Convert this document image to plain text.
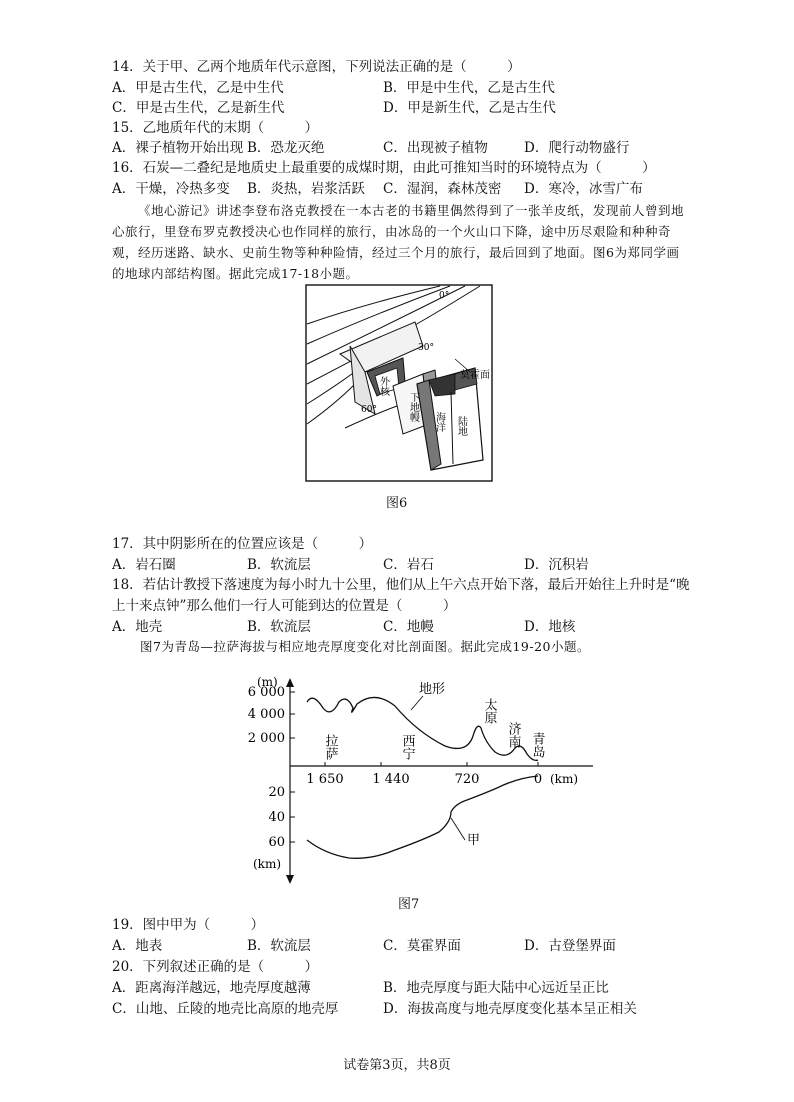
14．关于甲、乙两个地质年代示意图，下列说法正确的是（　　　）
A．甲是古生代，乙是中生代	B．甲是中生代，乙是古生代
C．甲是古生代，乙是新生代	D．甲是新生代，乙是古生代
15．乙地质年代的末期（　　　）
A．裸子植物开始出现 B．恐龙灭绝	C．出现被子植物	D．爬行动物盛行
16．石炭—二叠纪是地质史上最重要的成煤时期，由此可推知当时的环境特点为（　　　）
A．干燥，冷热多变 B．炎热，岩浆活跃 C．湿润，森林茂密 D．寒冷，冰雪广布
《地心游记》讲述李登布洛克教授在一本古老的书籍里偶然得到了一张羊皮纸，发现前人曾到地心旅行，里登布罗克教授决心也作同样的旅行，由冰岛的一个火山口下降，途中历尽艰险和种种奇观，经历迷路、缺水、史前生物等种种险情，经过三个月的旅行，最后回到了地面。图6为郑同学画的地球内部结构图。据此完成17-18小题。
0°
30°
60°
莫霍面
外核
下地幔 海洋 陆地
图6
17．其中阴影所在的位置应该是（　　　）
A．岩石圈	B．软流层	C．岩石	D．沉积岩
18．若估计教授下落速度为每小时九十公里，他们从上午六点开始下落，最后开始往上升时是“晚
上十来点钟”那么他们一行人可能到达的位置是（　　　）
A．地壳	B．软流层	C．地幔	D．地核
图7为青岛—拉萨海拔与相应地壳厚度变化对比剖面图。据此完成19-20小题。
(m)
6 000
4 000
2 000
20
40
60
(km)
1 650 1 440	720	0 (km)
地形
甲
拉萨	西宁
太原
济南 青岛
图7
19．图中甲为（　　　）
A．地表	B．软流层	C．莫霍界面	D．古登堡界面
20．下列叙述正确的是（　　　）
A．距离海洋越远，地壳厚度越薄	B．地壳厚度与距大陆中心远近呈正比
C．山地、丘陵的地壳比高原的地壳厚	D．海拔高度与地壳厚度变化基本呈正相关
试卷第3页，共8页
